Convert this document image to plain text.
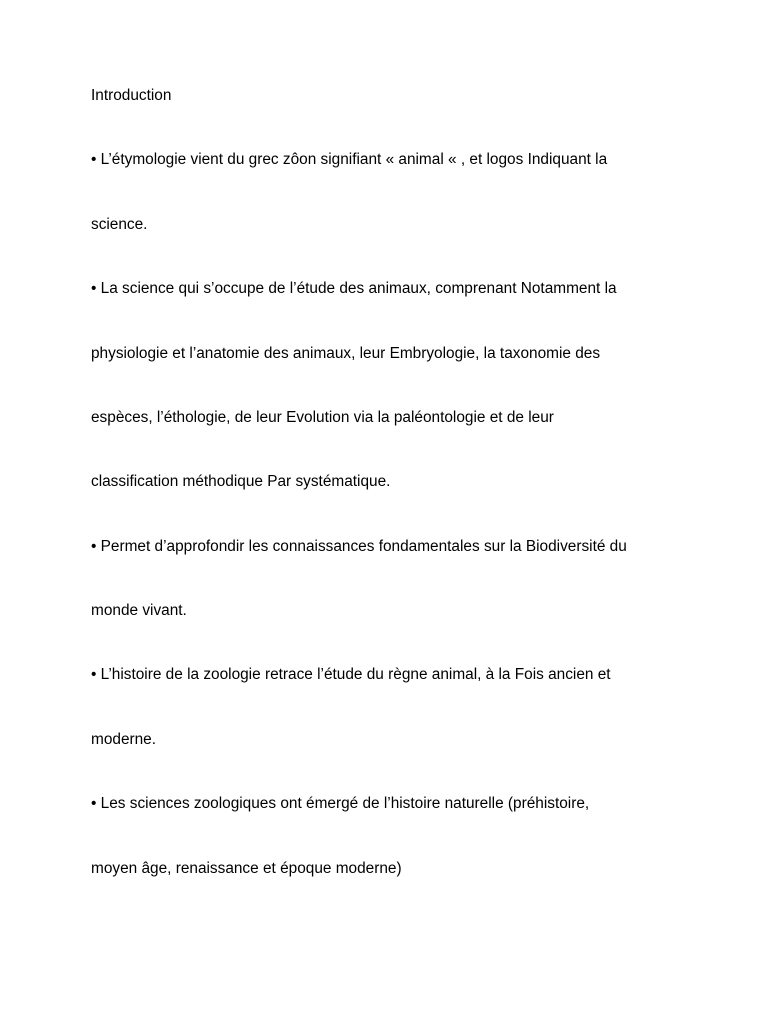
Introduction
• L’étymologie vient du grec zôon signifiant « animal « , et logos Indiquant la
science.
• La science qui s’occupe de l’étude des animaux, comprenant Notamment la
physiologie et l’anatomie des animaux, leur Embryologie, la taxonomie des
espèces, l’éthologie, de leur Evolution via la paléontologie et de leur
classification méthodique Par systématique.
• Permet d’approfondir les connaissances fondamentales sur la Biodiversité du
monde vivant.
• L’histoire de la zoologie retrace l’étude du règne animal, à la Fois ancien et
moderne.
• Les sciences zoologiques ont émergé de l’histoire naturelle (préhistoire,
moyen âge, renaissance et époque moderne)
